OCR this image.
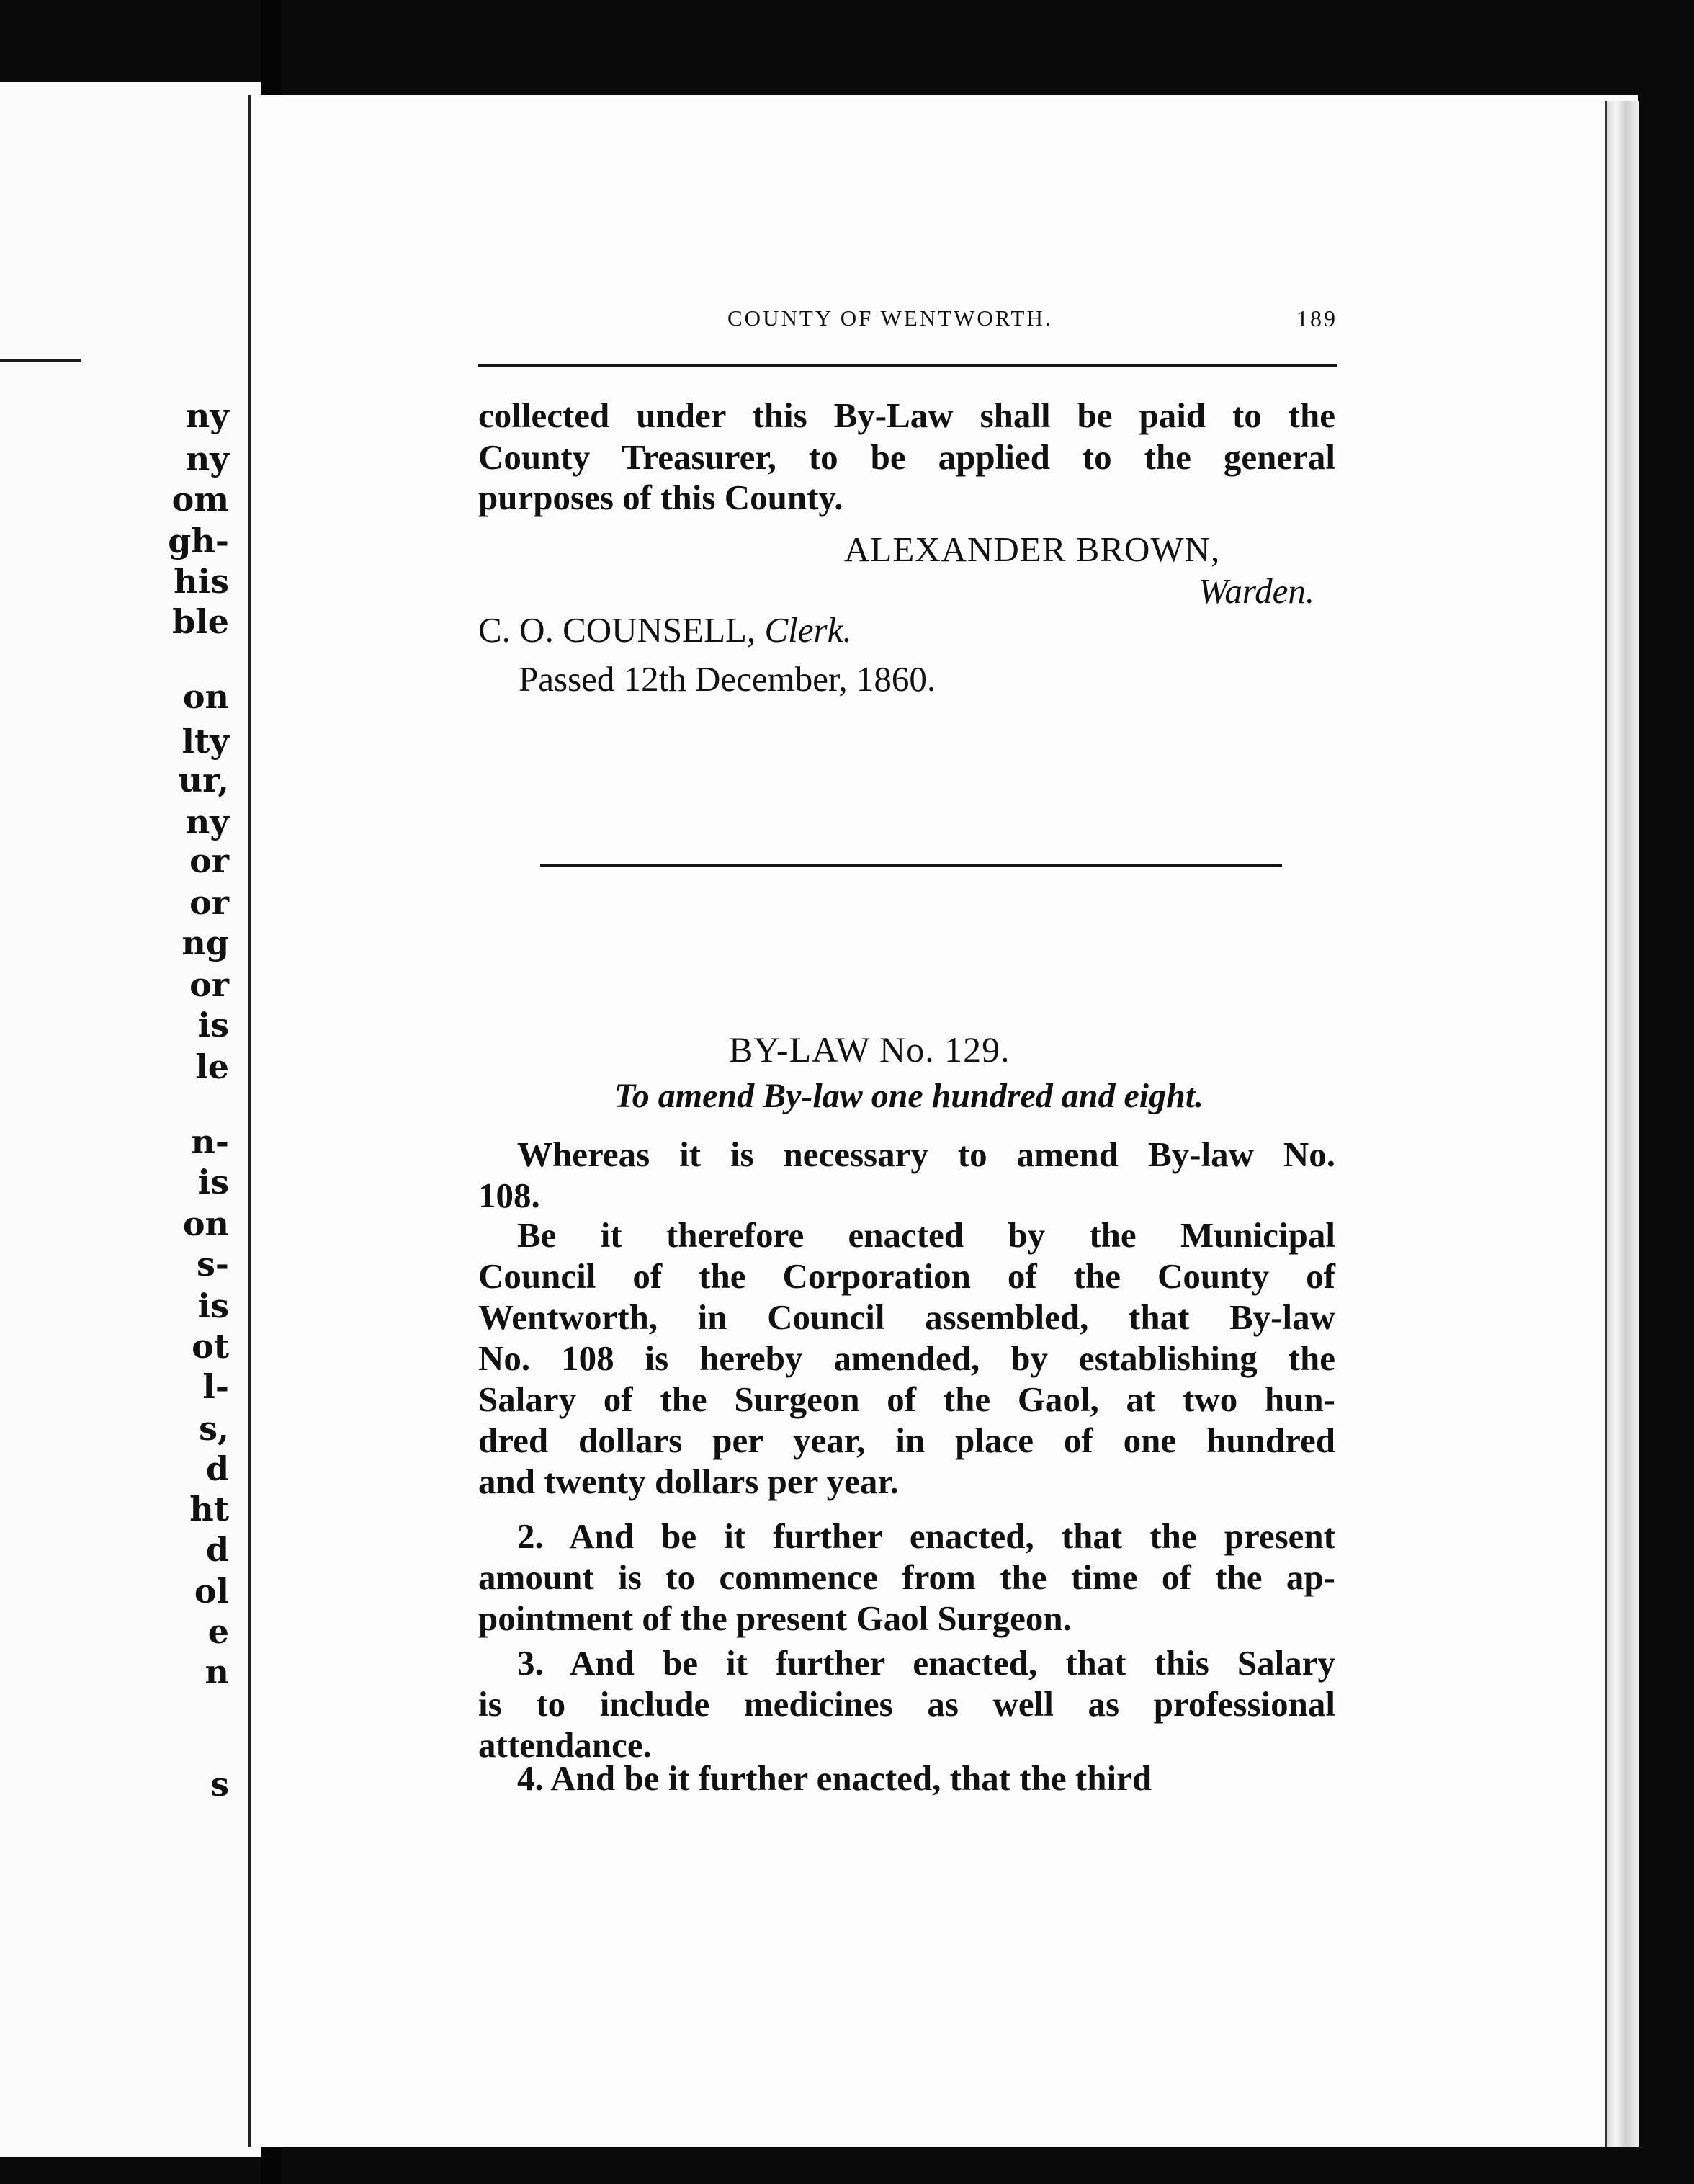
ny
ny
om
gh-
his
ble
on
lty
ur,
ny
or
or
ng
or
is
le
n-
is
on
s-
is
ot
l-
s,
d
ht
d
ol
e
n
s
COUNTY OF WENTWORTH.	189
collected under this By-Law shall be paid to the
County Treasurer, to be applied to the general
purposes of this County.
ALEXANDER BROWN,
Warden.
C. O. COUNSELL, Clerk.
Passed 12th December, 1860.
BY-LAW No. 129.
To amend By-law one hundred and eight.
Whereas it is necessary to amend By-law No.
108.
Be it therefore enacted by the Municipal
Council of the Corporation of the County of
Wentworth, in Council assembled, that By-law
No. 108 is hereby amended, by establishing the
Salary of the Surgeon of the Gaol, at two hun-
dred dollars per year, in place of one hundred
and twenty dollars per year.
2. And be it further enacted, that the present
amount is to commence from the time of the ap-
pointment of the present Gaol Surgeon.
3. And be it further enacted, that this Salary
is to include medicines as well as professional
attendance.
4. And be it further enacted, that the third
